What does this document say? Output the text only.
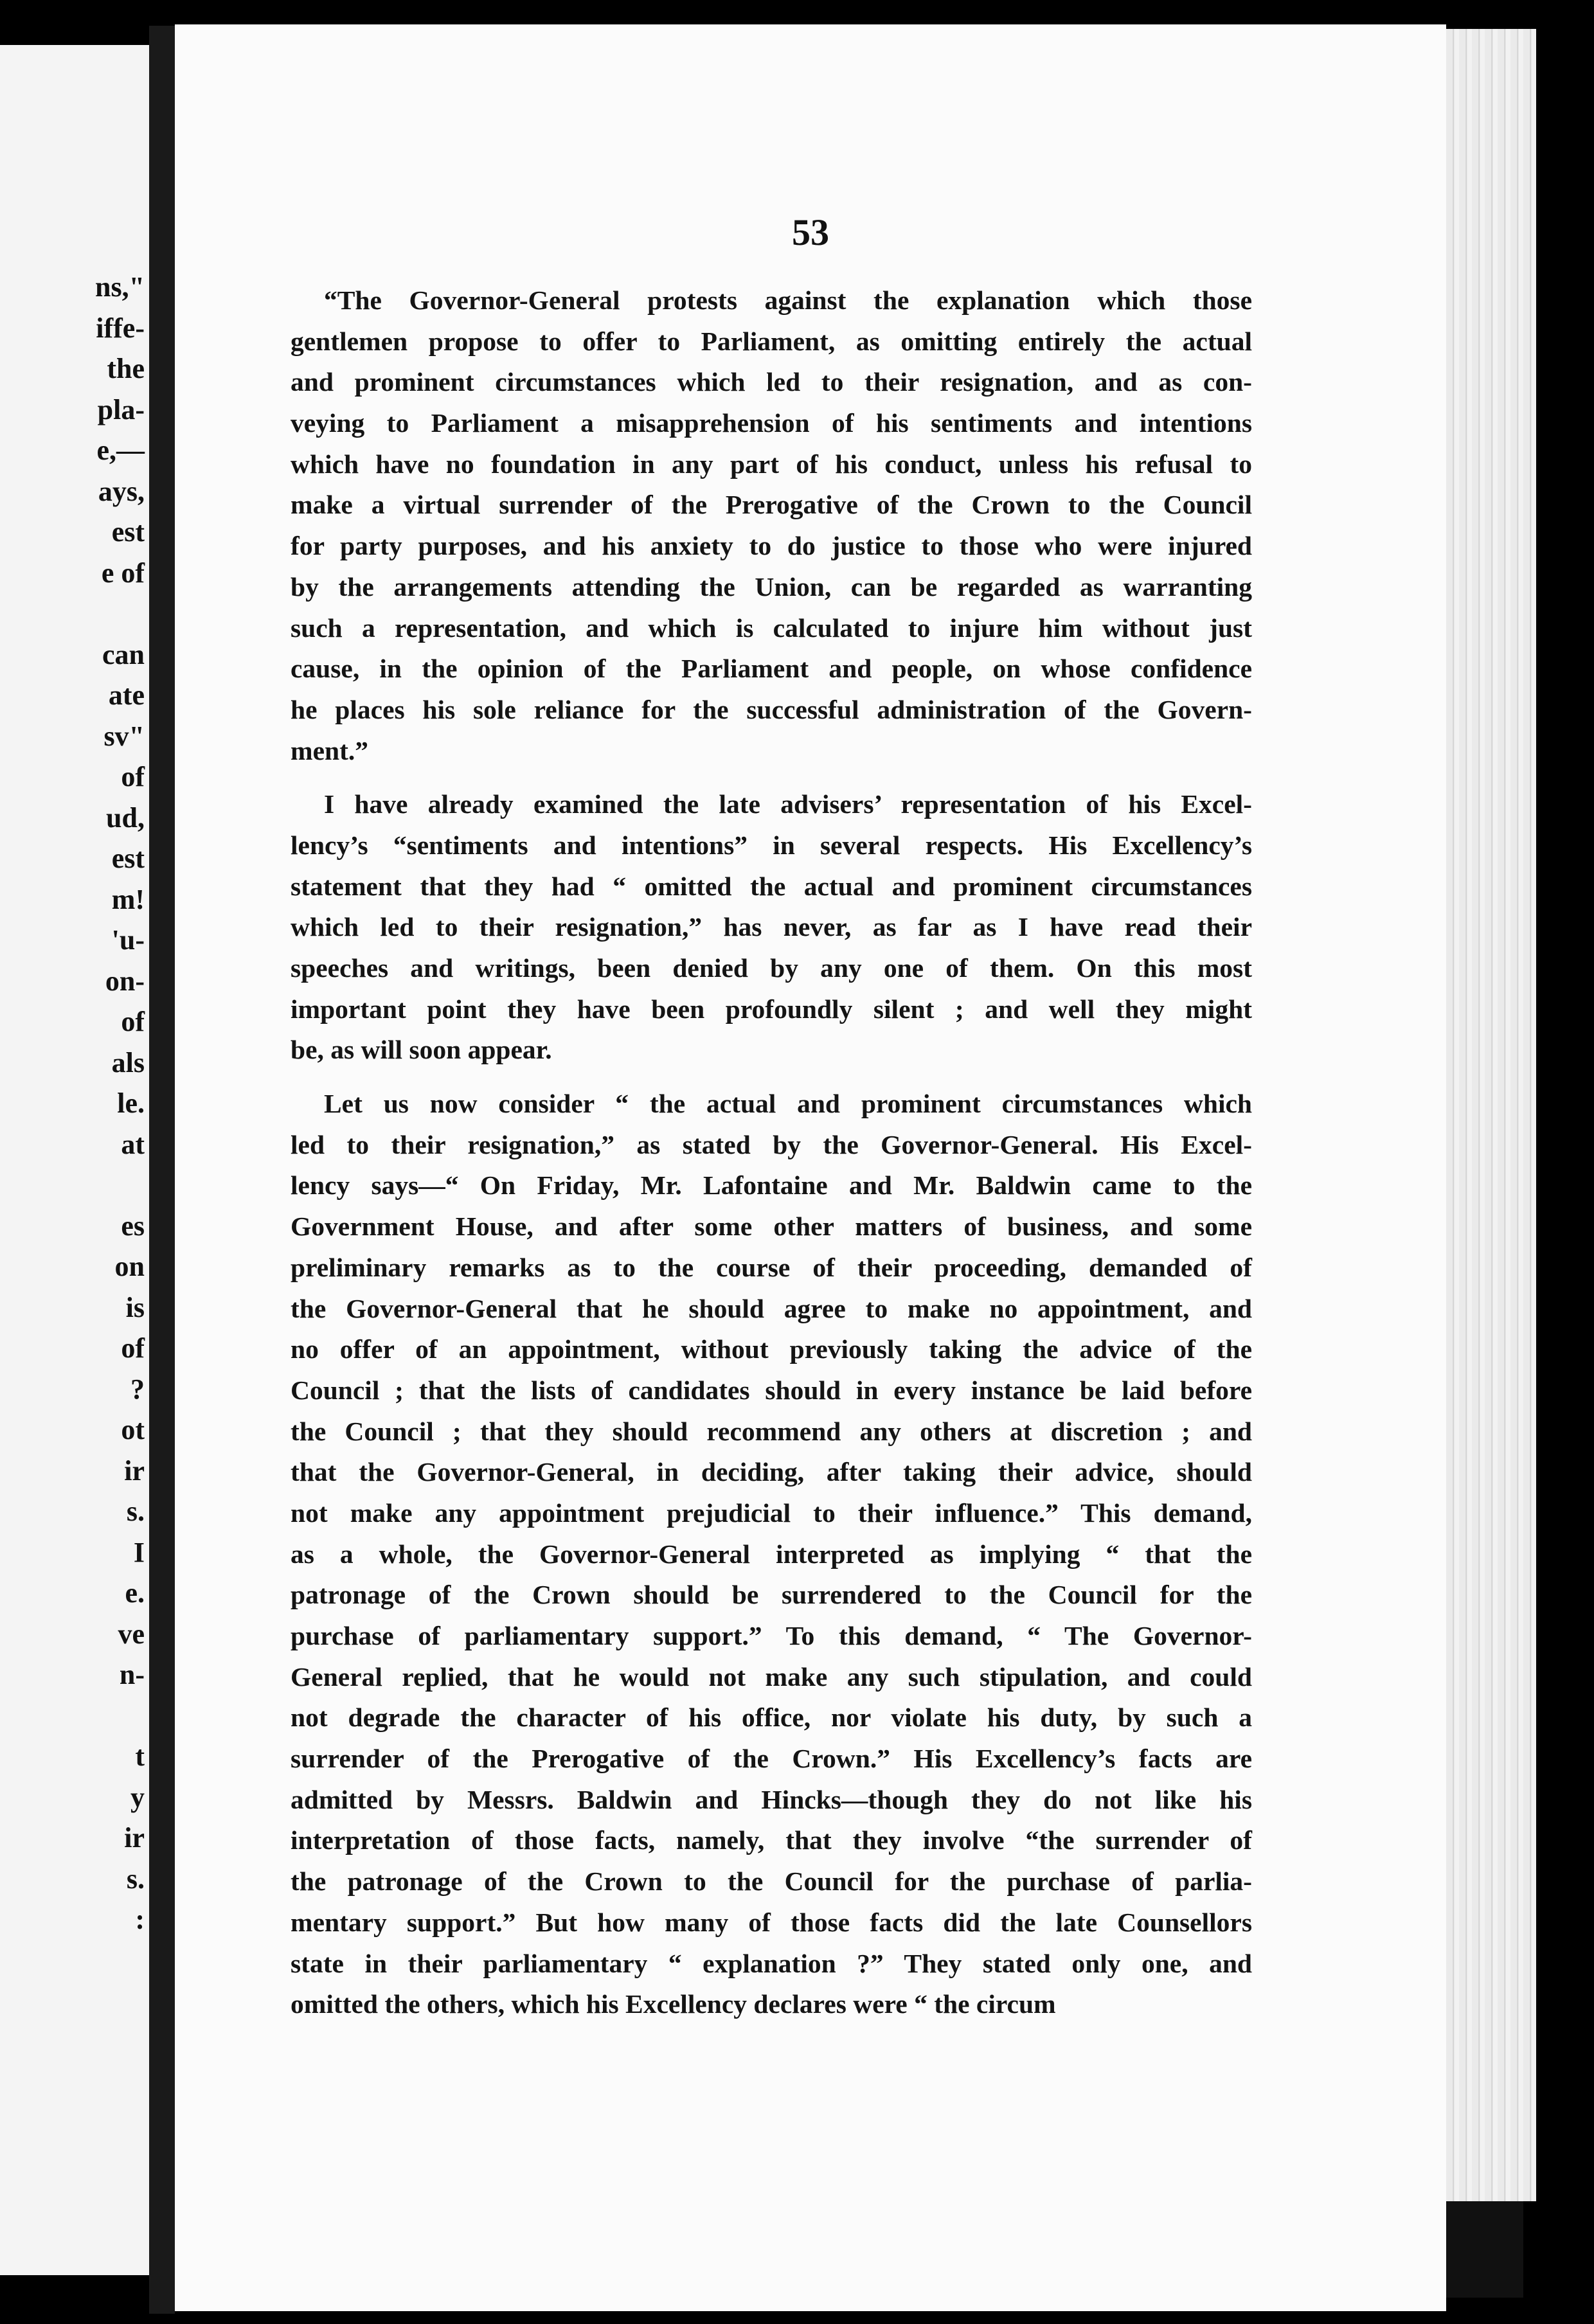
ns,"
iffe-
the
pla-
e,—
ays,
est
e of
can
ate
sv"
of
ud,
est
m!
'u-
on-
of
als
le.
at
es
on
is
of
?
ot
ir
s.
I
e.
ve
n-
t
y
ir
s.
:
53
“The Governor-General protests against the explanation which those
gentlemen propose to offer to Parliament, as omitting entirely the actual
and prominent circumstances which led to their resignation, and as con-
veying to Parliament a misapprehension of his sentiments and intentions
which have no foundation in any part of his conduct, unless his refusal to
make a virtual surrender of the Prerogative of the Crown to the Council
for party purposes, and his anxiety to do justice to those who were injured
by the arrangements attending the Union, can be regarded as warranting
such a representation, and which is calculated to injure him without just
cause, in the opinion of the Parliament and people, on whose confidence
he places his sole reliance for the successful administration of the Govern-
ment.”
I have already examined the late advisers’ representation of his Excel-
lency’s “sentiments and intentions” in several respects. His Excellency’s
statement that they had “ omitted the actual and prominent circumstances
which led to their resignation,” has never, as far as I have read their
speeches and writings, been denied by any one of them. On this most
important point they have been profoundly silent ; and well they might
be, as will soon appear.
Let us now consider “ the actual and prominent circumstances which
led to their resignation,” as stated by the Governor-General. His Excel-
lency says—“ On Friday, Mr. Lafontaine and Mr. Baldwin came to the
Government House, and after some other matters of business, and some
preliminary remarks as to the course of their proceeding, demanded of
the Governor-General that he should agree to make no appointment, and
no offer of an appointment, without previously taking the advice of the
Council ; that the lists of candidates should in every instance be laid before
the Council ; that they should recommend any others at discretion ; and
that the Governor-General, in deciding, after taking their advice, should
not make any appointment prejudicial to their influence.” This demand,
as a whole, the Governor-General interpreted as implying “ that the
patronage of the Crown should be surrendered to the Council for the
purchase of parliamentary support.” To this demand, “ The Governor-
General replied, that he would not make any such stipulation, and could
not degrade the character of his office, nor violate his duty, by such a
surrender of the Prerogative of the Crown.” His Excellency’s facts are
admitted by Messrs. Baldwin and Hincks—though they do not like his
interpretation of those facts, namely, that they involve “the surrender of
the patronage of the Crown to the Council for the purchase of parlia-
mentary support.” But how many of those facts did the late Counsellors
state in their parliamentary “ explanation ?” They stated only one, and
omitted the others, which his Excellency declares were “ the circum
